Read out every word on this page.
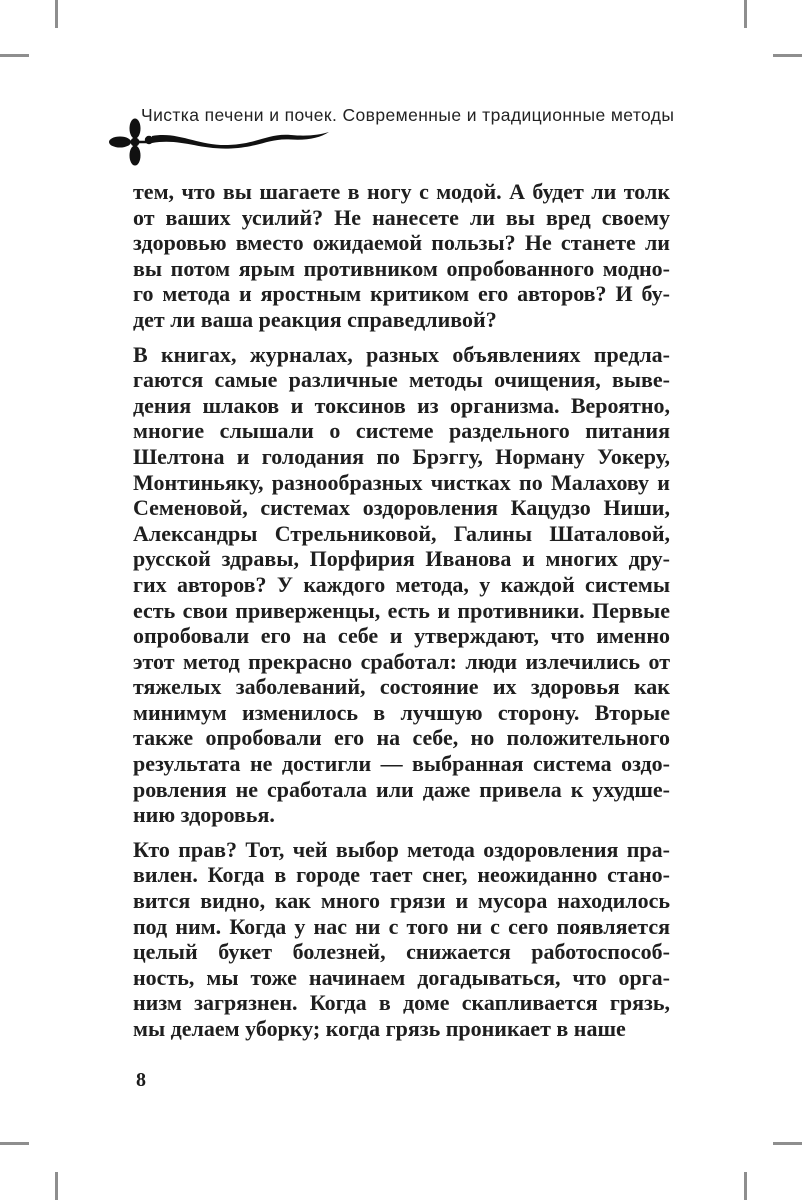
Чистка печени и почек. Современные и традиционные методы
тем, что вы шагаете в ногу с модой. А будет ли толк
от ваших усилий? Не нанесете ли вы вред своему
здоровью вместо ожидаемой пользы? Не станете ли
вы потом ярым противником опробованного модно-
го метода и яростным критиком его авторов? И бу-
дет ли ваша реакция справедливой?
В книгах, журналах, разных объявлениях предла-
гаются самые различные методы очищения, выве-
дения шлаков и токсинов из организма. Вероятно,
многие слышали о системе раздельного питания
Шелтона и голодания по Брэггу, Норману Уокеру,
Монтиньяку, разнообразных чистках по Малахову и
Семеновой, системах оздоровления Кацудзо Ниши,
Александры Стрельниковой, Галины Шаталовой,
русской здравы, Порфирия Иванова и многих дру-
гих авторов? У каждого метода, у каждой системы
есть свои приверженцы, есть и противники. Первые
опробовали его на себе и утверждают, что именно
этот метод прекрасно сработал: люди излечились от
тяжелых заболеваний, состояние их здоровья как
минимум изменилось в лучшую сторону. Вторые
также опробовали его на себе, но положительного
результата не достигли — выбранная система оздо-
ровления не сработала или даже привела к ухудше-
нию здоровья.
Кто прав? Тот, чей выбор метода оздоровления пра-
вилен. Когда в городе тает снег, неожиданно стано-
вится видно, как много грязи и мусора находилось
под ним. Когда у нас ни с того ни с сего появляется
целый букет болезней, снижается работоспособ-
ность, мы тоже начинаем догадываться, что орга-
низм загрязнен. Когда в доме скапливается грязь,
мы делаем уборку; когда грязь проникает в наше
8
